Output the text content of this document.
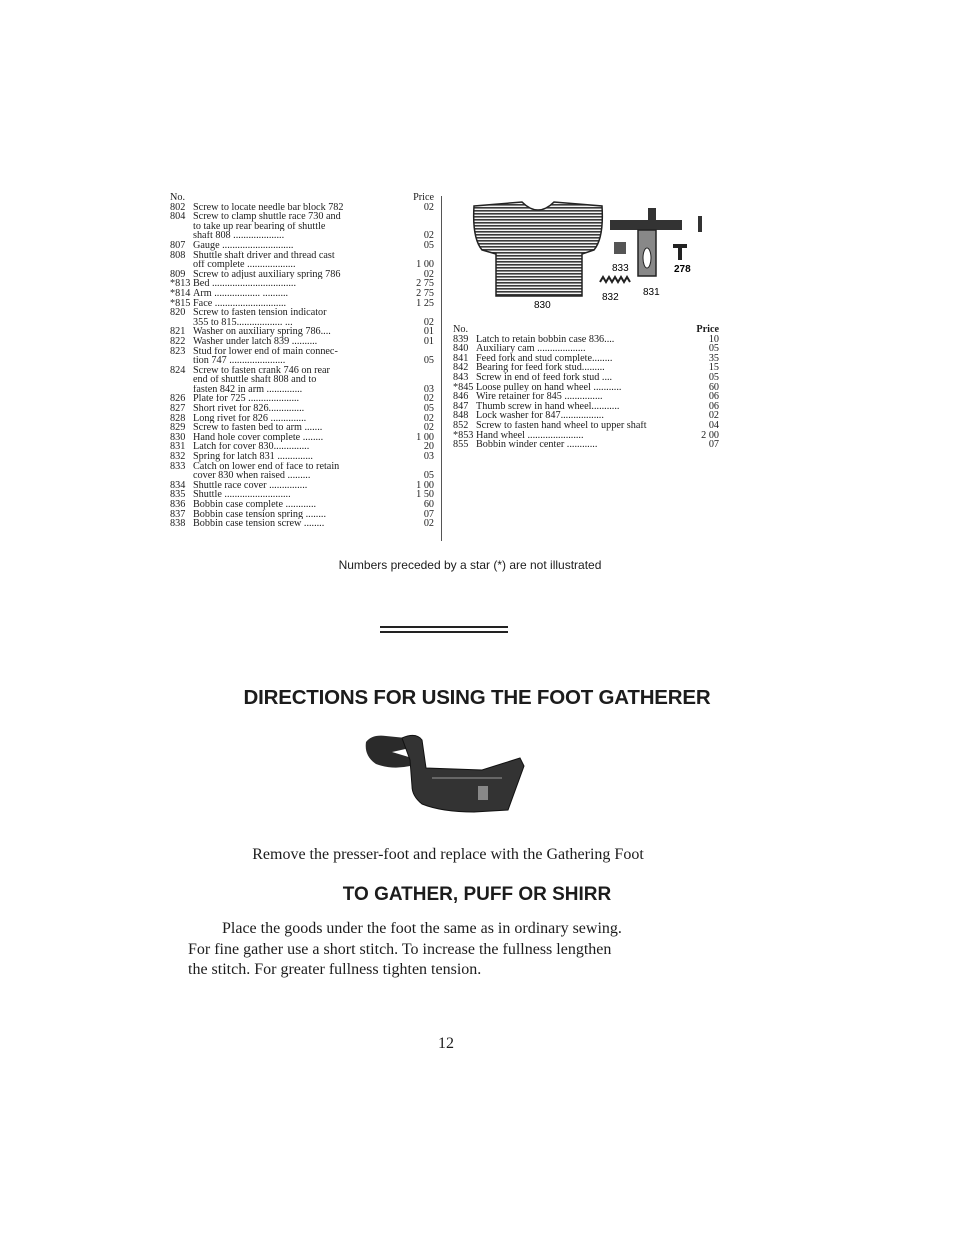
No.	Price
802 Screw to locate needle bar block 782	02
804 Screw to clamp shuttle race 730 and
to take up rear bearing of shuttle
shaft 808 ....................	02
807 Gauge ............................	05
808 Shuttle shaft driver and thread cast
off complete ...................	1 00
809 Screw to adjust auxiliary spring 786	02
*813 Bed .................................	2 75
*814 Arm .................. ..........	2 75
*815 Face ............................	1 25
820 Screw to fasten tension indicator
355 to 815.................. ...	02
821 Washer on auxiliary spring 786....	01
822 Washer under latch 839 ..........	01
823 Stud for lower end of main connec-
tion 747 ......................	05
824 Screw to fasten crank 746 on rear
end of shuttle shaft 808 and to
fasten 842 in arm ..............	03
826 Plate for 725 ....................	02
827 Short rivet for 826..............	05
828 Long rivet for 826 ..............	02
829 Screw to fasten bed to arm .......	02
830 Hand hole cover complete ........	1 00
831 Latch for cover 830..............	20
832 Spring for latch 831 ..............	03
833 Catch on lower end of face to retain
cover 830 when raised .........	05
834 Shuttle race cover ...............	1 00
835 Shuttle ..........................	1 50
836 Bobbin case complete ............	60
837 Bobbin case tension spring ........	07
838 Bobbin case tension screw ........	02
830
833
832 831
278
No.	Price
839 Latch to retain bobbin case 836....	10
840 Auxiliary cam ...................	05
841 Feed fork and stud complete........	35
842 Bearing for feed fork stud.........	15
843 Screw in end of feed fork stud ....	05
*845 Loose pulley on hand wheel ...........	60
846 Wire retainer for 845 ...............	06
847 Thumb screw in hand wheel...........	06
848 Lock washer for 847.................	02
852 Screw to fasten hand wheel to upper shaft	04
*853 Hand wheel ......................	2 00
855 Bobbin winder center ............	07
Numbers preceded by a star (*) are not illustrated
DIRECTIONS FOR USING THE FOOT GATHERER
Remove the presser-foot and replace with the Gathering Foot
TO GATHER, PUFF OR SHIRR
Place the goods under the foot the same as in ordinary sewing.
For fine gather use a short stitch. To increase the fullness lengthen
the stitch. For greater fullness tighten tension.
12
